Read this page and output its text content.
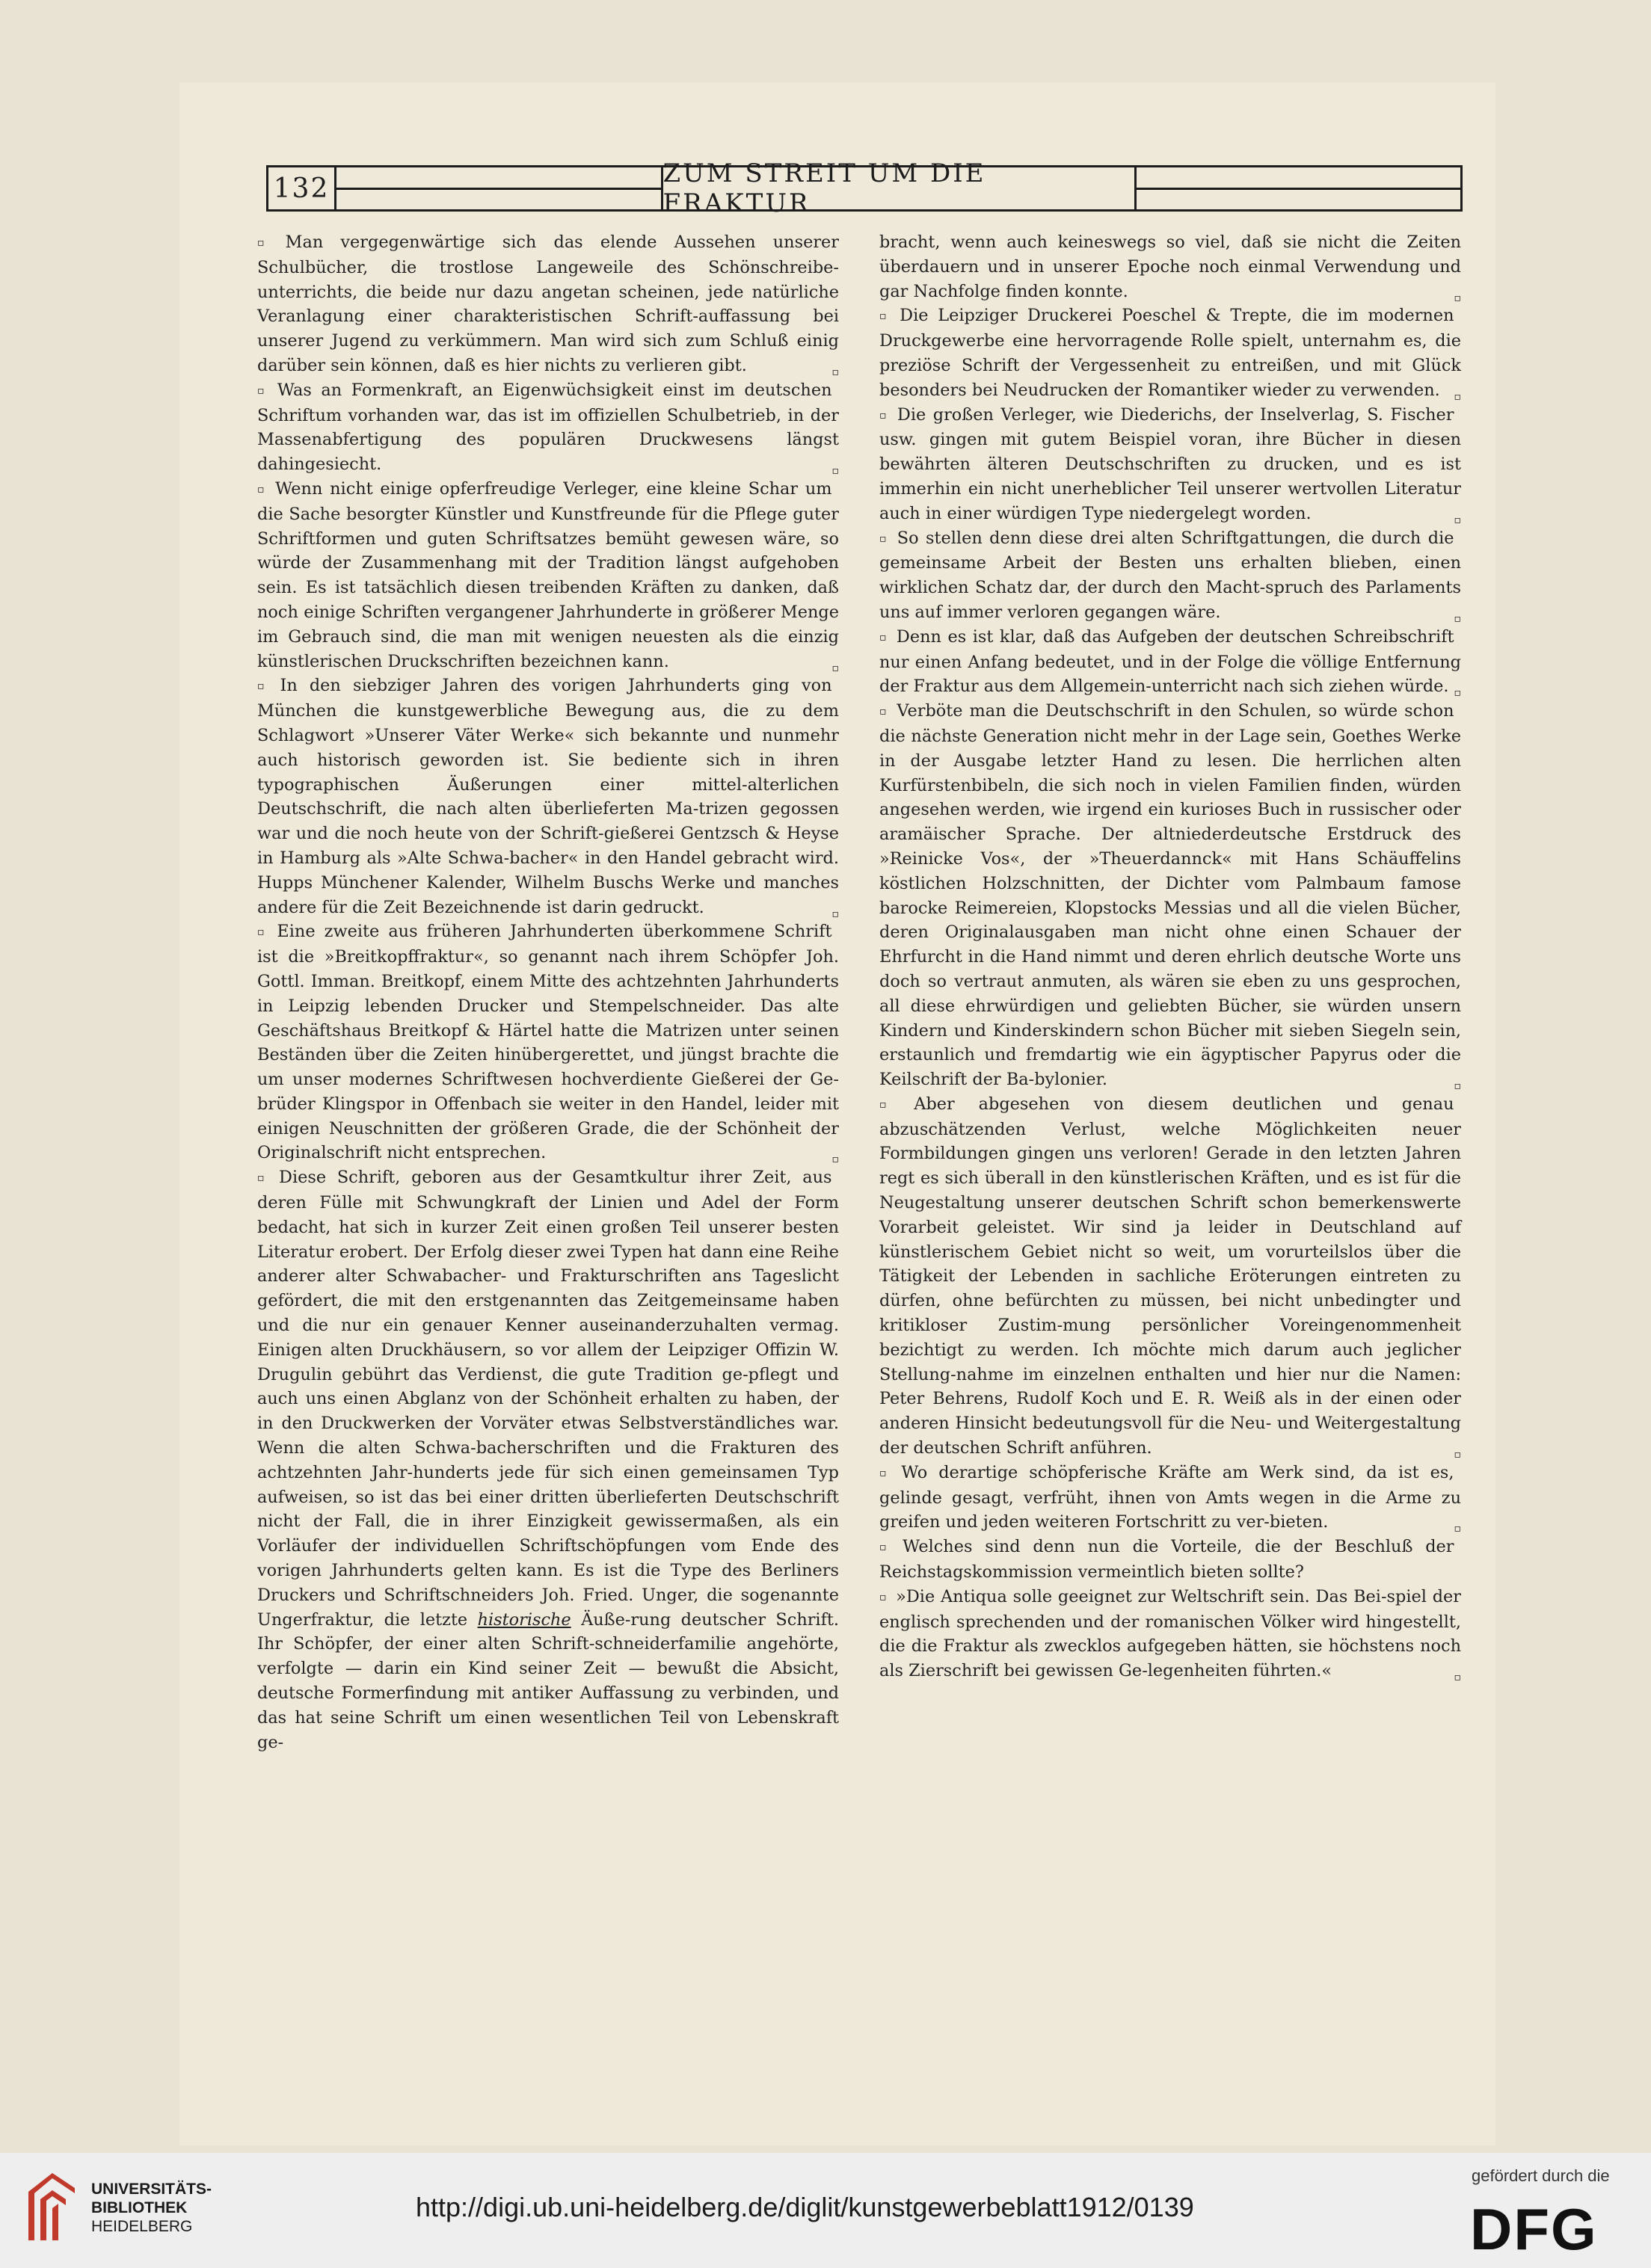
132	ZUM STREIT UM DIE FRAKTUR

▫ Man vergegenwärtige sich das elende Aussehen unserer Schulbücher, die trostlose Langeweile des Schönschreibe-unterrichts, die beide nur dazu angetan scheinen, jede natürliche Veranlagung einer charakteristischen Schrift-auffassung bei unserer Jugend zu verkümmern. Man wird sich zum Schluß einig darüber sein können, daß es hier nichts zu verlieren gibt.	▫

▫ Was an Formenkraft, an Eigenwüchsigkeit einst im deutschen Schriftum vorhanden war, das ist im offiziellen Schulbetrieb, in der Massenabfertigung des populären Druckwesens längst dahingesiecht.	▫

▫ Wenn nicht einige opferfreudige Verleger, eine kleine Schar um die Sache besorgter Künstler und Kunstfreunde für die Pflege guter Schriftformen und guten Schriftsatzes bemüht gewesen wäre, so würde der Zusammenhang mit der Tradition längst aufgehoben sein. Es ist tatsächlich diesen treibenden Kräften zu danken, daß noch einige Schriften vergangener Jahrhunderte in größerer Menge im Gebrauch sind, die man mit wenigen neuesten als die einzig künstlerischen Druckschriften bezeichnen kann.	▫

▫ In den siebziger Jahren des vorigen Jahrhunderts ging von München die kunstgewerbliche Bewegung aus, die zu dem Schlagwort »Unserer Väter Werke« sich bekannte und nunmehr auch historisch geworden ist. Sie bediente sich in ihren typographischen Äußerungen einer mittel-alterlichen Deutschschrift, die nach alten überlieferten Ma-trizen gegossen war und die noch heute von der Schrift-gießerei Gentzsch & Heyse in Hamburg als »Alte Schwa-bacher« in den Handel gebracht wird. Hupps Münchener Kalender, Wilhelm Buschs Werke und manches andere für die Zeit Bezeichnende ist darin gedruckt.	▫

▫ Eine zweite aus früheren Jahrhunderten überkommene Schrift ist die »Breitkopffraktur«, so genannt nach ihrem Schöpfer Joh. Gottl. Imman. Breitkopf, einem Mitte des achtzehnten Jahrhunderts in Leipzig lebenden Drucker und Stempelschneider. Das alte Geschäftshaus Breitkopf & Härtel hatte die Matrizen unter seinen Beständen über die Zeiten hinübergerettet, und jüngst brachte die um unser modernes Schriftwesen hochverdiente Gießerei der Ge-brüder Klingspor in Offenbach sie weiter in den Handel, leider mit einigen Neuschnitten der größeren Grade, die der Schönheit der Originalschrift nicht entsprechen.	▫

▫ Diese Schrift, geboren aus der Gesamtkultur ihrer Zeit, aus deren Fülle mit Schwungkraft der Linien und Adel der Form bedacht, hat sich in kurzer Zeit einen großen Teil unserer besten Literatur erobert. Der Erfolg dieser zwei Typen hat dann eine Reihe anderer alter Schwabacher- und Frakturschriften ans Tageslicht gefördert, die mit den erstgenannten das Zeitgemeinsame haben und die nur ein genauer Kenner auseinanderzuhalten vermag. Einigen alten Druckhäusern, so vor allem der Leipziger Offizin W. Drugulin gebührt das Verdienst, die gute Tradition ge-pflegt und auch uns einen Abglanz von der Schönheit erhalten zu haben, der in den Druckwerken der Vorväter etwas Selbstverständliches war. Wenn die alten Schwa-bacherschriften und die Frakturen des achtzehnten Jahr-hunderts jede für sich einen gemeinsamen Typ aufweisen, so ist das bei einer dritten überlieferten Deutschschrift nicht der Fall, die in ihrer Einzigkeit gewissermaßen, als ein Vorläufer der individuellen Schriftschöpfungen vom Ende des vorigen Jahrhunderts gelten kann. Es ist die Type des Berliners Druckers und Schriftschneiders Joh. Fried. Unger, die sogenannte Ungerfraktur, die letzte historische Äuße-rung deutscher Schrift. Ihr Schöpfer, der einer alten Schrift-schneiderfamilie angehörte, verfolgte — darin ein Kind seiner Zeit — bewußt die Absicht, deutsche Formerfindung mit antiker Auffassung zu verbinden, und das hat seine Schrift um einen wesentlichen Teil von Lebenskraft ge-

bracht, wenn auch keineswegs so viel, daß sie nicht die Zeiten überdauern und in unserer Epoche noch einmal Verwendung und gar Nachfolge finden konnte.	▫

▫ Die Leipziger Druckerei Poeschel & Trepte, die im modernen Druckgewerbe eine hervorragende Rolle spielt, unternahm es, die preziöse Schrift der Vergessenheit zu entreißen, und mit Glück besonders bei Neudrucken der Romantiker wieder zu verwenden. ▫

▫ Die großen Verleger, wie Diederichs, der Inselverlag, S. Fischer usw. gingen mit gutem Beispiel voran, ihre Bücher in diesen bewährten älteren Deutschschriften zu drucken, und es ist immerhin ein nicht unerheblicher Teil unserer wertvollen Literatur auch in einer würdigen Type niedergelegt worden.	▫

▫ So stellen denn diese drei alten Schriftgattungen, die durch die gemeinsame Arbeit der Besten uns erhalten blieben, einen wirklichen Schatz dar, der durch den Macht-spruch des Parlaments uns auf immer verloren gegangen wäre.	▫

▫ Denn es ist klar, daß das Aufgeben der deutschen Schreibschrift nur einen Anfang bedeutet, und in der Folge die völlige Entfernung der Fraktur aus dem Allgemein-unterricht nach sich ziehen würde. ▫

▫ Verböte man die Deutschschrift in den Schulen, so würde schon die nächste Generation nicht mehr in der Lage sein, Goethes Werke in der Ausgabe letzter Hand zu lesen. Die herrlichen alten Kurfürstenbibeln, die sich noch in vielen Familien finden, würden angesehen werden, wie irgend ein kurioses Buch in russischer oder aramäischer Sprache. Der altniederdeutsche Erstdruck des »Reinicke Vos«, der »Theuerdannck« mit Hans Schäuffelins köstlichen Holzschnitten, der Dichter vom Palmbaum famose barocke Reimereien, Klopstocks Messias und all die vielen Bücher, deren Originalausgaben man nicht ohne einen Schauer der Ehrfurcht in die Hand nimmt und deren ehrlich deutsche Worte uns doch so vertraut anmuten, als wären sie eben zu uns gesprochen, all diese ehrwürdigen und geliebten Bücher, sie würden unsern Kindern und Kinderskindern schon Bücher mit sieben Siegeln sein, erstaunlich und fremdartig wie ein ägyptischer Papyrus oder die Keilschrift der Ba-bylonier.	▫

▫ Aber abgesehen von diesem deutlichen und genau abzuschätzenden Verlust, welche Möglichkeiten neuer Formbildungen gingen uns verloren! Gerade in den letzten Jahren regt es sich überall in den künstlerischen Kräften, und es ist für die Neugestaltung unserer deutschen Schrift schon bemerkenswerte Vorarbeit geleistet. Wir sind ja leider in Deutschland auf künstlerischem Gebiet nicht so weit, um vorurteilslos über die Tätigkeit der Lebenden in sachliche Eröterungen eintreten zu dürfen, ohne befürchten zu müssen, bei nicht unbedingter und kritikloser Zustim-mung persönlicher Voreingenommenheit bezichtigt zu werden. Ich möchte mich darum auch jeglicher Stellung-nahme im einzelnen enthalten und hier nur die Namen: Peter Behrens, Rudolf Koch und E. R. Weiß als in der einen oder anderen Hinsicht bedeutungsvoll für die Neu- und Weitergestaltung der deutschen Schrift anführen.	▫

▫ Wo derartige schöpferische Kräfte am Werk sind, da ist es, gelinde gesagt, verfrüht, ihnen von Amts wegen in die Arme zu greifen und jeden weiteren Fortschritt zu ver-bieten.	▫

▫ Welches sind denn nun die Vorteile, die der Beschluß der Reichstagskommission vermeintlich bieten sollte?

▫ »Die Antiqua solle geeignet zur Weltschrift sein. Das Bei-spiel der englisch sprechenden und der romanischen Völker wird hingestellt, die die Fraktur als zwecklos aufgegeben hätten, sie höchstens noch als Zierschrift bei gewissen Ge-legenheiten führten.«	▫

UNIVERSITÄTS-
BIBLIOTHEK
HEIDELBERG
http://digi.ub.uni-heidelberg.de/diglit/kunstgewerbeblatt1912/0139
gefördert durch die
DFG
